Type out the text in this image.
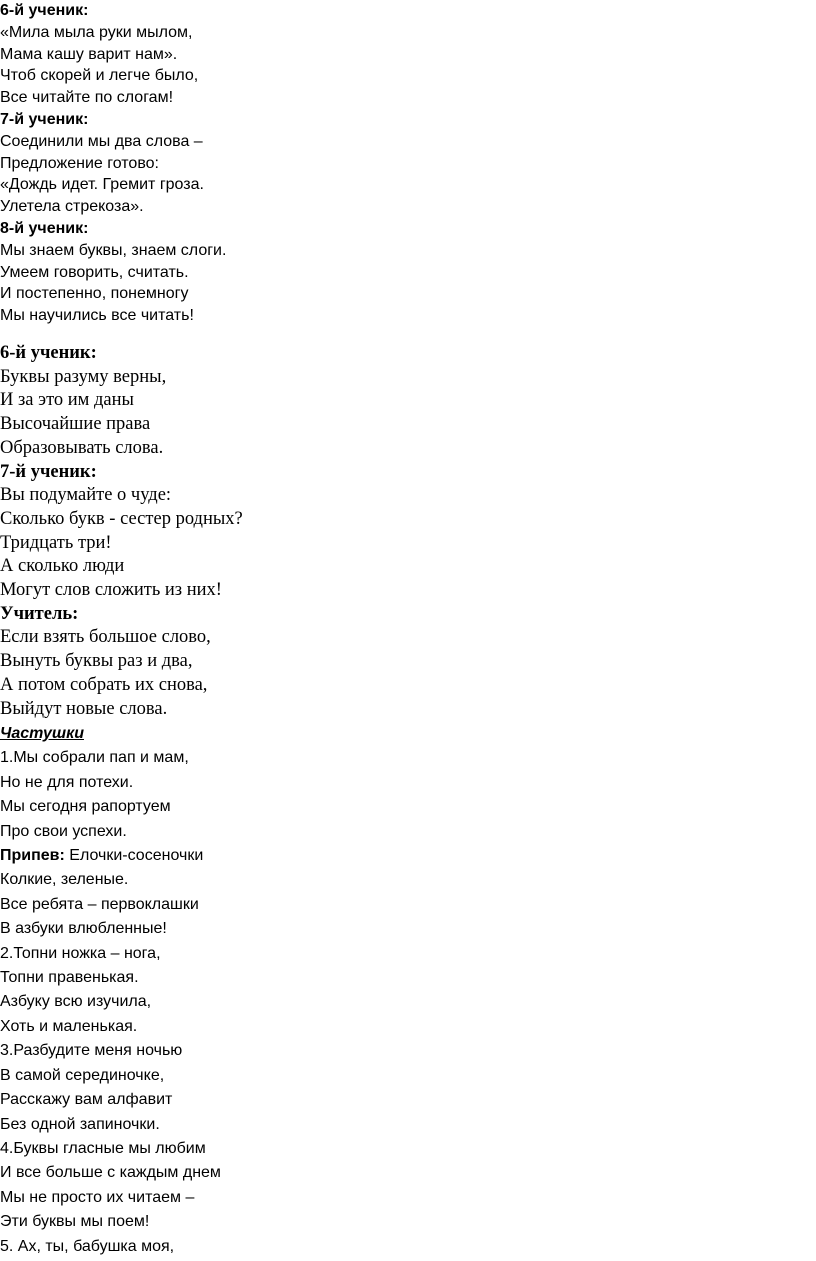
6-й ученик:
«Мила мыла руки мылом,
Мама кашу варит нам».
Чтоб скорей и легче было,
Все читайте по слогам!
7-й ученик:
Соединили мы два слова –
Предложение готово:
«Дождь идет. Гремит гроза.
Улетела стрекоза».
8-й ученик:
Мы знаем буквы, знаем слоги.
Умеем говорить, считать.
И постепенно, понемногу
Мы научились все читать!
6-й ученик:
Буквы разуму верны,
И за это им даны
Высочайшие права
Образовывать слова.
7-й ученик:
Вы подумайте о чуде:
Сколько букв - сестер родных?
Тридцать три!
А сколько люди
Могут слов сложить из них!
Учитель:
Если взять большое слово,
Вынуть буквы раз и два,
А потом собрать их снова,
Выйдут новые слова.
Частушки
1.Мы собрали пап и мам,
Но не для потехи.
Мы сегодня рапортуем
Про свои успехи.
Припев: Елочки-сосеночки
Колкие, зеленые.
Все ребята – первоклашки
В азбуки влюбленные!
2.Топни ножка – нога,
Топни правенькая.
Азбуку всю изучила,
Хоть и маленькая.
3.Разбудите меня ночью
В самой серединочке,
Расскажу вам алфавит
Без одной запиночки.
4.Буквы гласные мы любим
И все больше с каждым днем
Мы не просто их читаем –
Эти буквы мы поем!
5. Ах, ты, бабушка моя,
